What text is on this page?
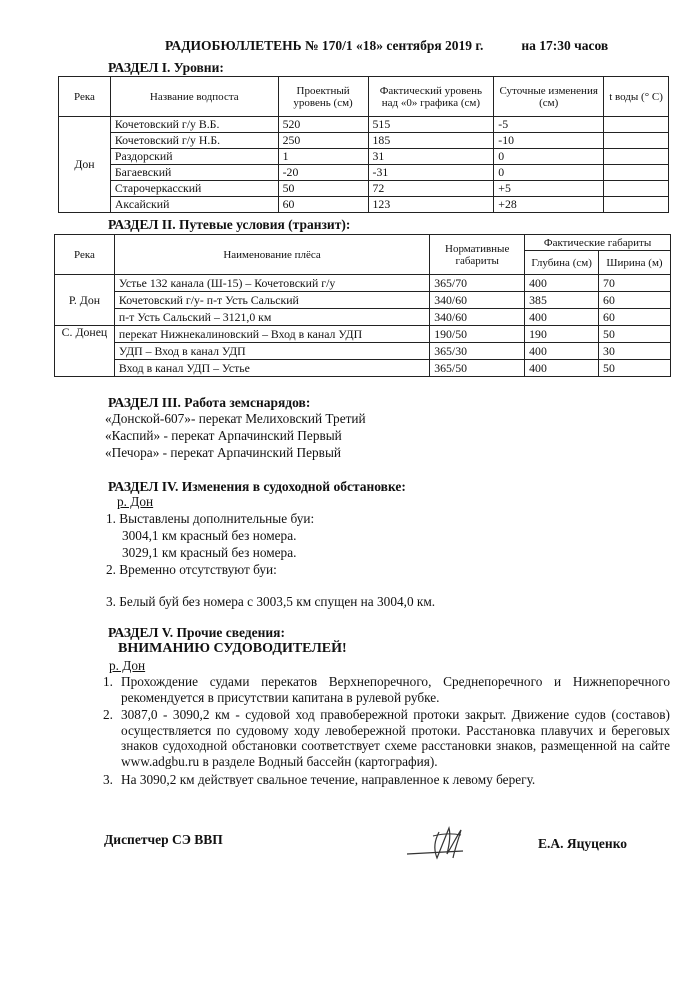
РАДИОБЮЛЛЕТЕНЬ № 170/1 «18» сентября 2019 г.	на 17:30 часов
РАЗДЕЛ I. Уровни:
Река	Название водпоста	Проектный уровень (см)	Фактический уровень над «0» графика (см)	Суточные изменения (см)	t воды (° C)
Дон	Кочетовский г/у В.Б.	520	515	-5	
	Кочетовский г/у Н.Б.	250	185	-10	
	Раздорский	1	31	0	
	Багаевский	-20	-31	0	
	Старочеркасский	50	72	+5	
	Аксайский	60	123	+28	
РАЗДЕЛ II. Путевые условия (транзит):
Река	Наименование плёса	Нормативные габариты	Фактические габариты	
			Глубина (см)	Ширина (м)
Р. Дон	Устье 132 канала (Ш-15) – Кочетовский г/у	365/70	400	70
	Кочетовский г/у- п-т Усть Сальский	340/60	385	60
	п-т Усть Сальский – 3121,0 км	340/60	400	60
С. Донец	перекат Нижнекалиновский – Вход в канал УДП	190/50	190	50
	УДП – Вход в канал УДП	365/30	400	30
	Вход в канал УДП – Устье	365/50	400	50
РАЗДЕЛ III. Работа земснарядов:
«Донской-607»- перекат Мелиховский Третий
«Каспий» - перекат Арпачинский Первый
«Печора» - перекат Арпачинский Первый
РАЗДЕЛ IV. Изменения в судоходной обстановке:
р. Дон
1. Выставлены дополнительные буи:
3004,1 км красный без номера.
3029,1 км красный без номера.
2. Временно отсутствуют буи:
3. Белый буй без номера с 3003,5 км спущен на 3004,0 км.
РАЗДЕЛ V. Прочие сведения:
ВНИМАНИЮ СУДОВОДИТЕЛЕЙ!
р. Дон
1. Прохождение судами перекатов Верхнепоречного, Среднепоречного и Нижнепоречного рекомендуется в присутствии капитана в рулевой рубке.
2. 3087,0 - 3090,2 км - судовой ход правобережной протоки закрыт. Движение судов (составов) осуществляется по судовому ходу левобережной протоки. Расстановка плавучих и береговых знаков судоходной обстановки соответствует схеме расстановки знаков, размещенной на сайте www.adgbu.ru в разделе Водный бассейн (картография).
3. На 3090,2 км действует свальное течение, направленное к левому берегу.
Диспетчер СЭ ВВП	Е.А. Яцуценко
